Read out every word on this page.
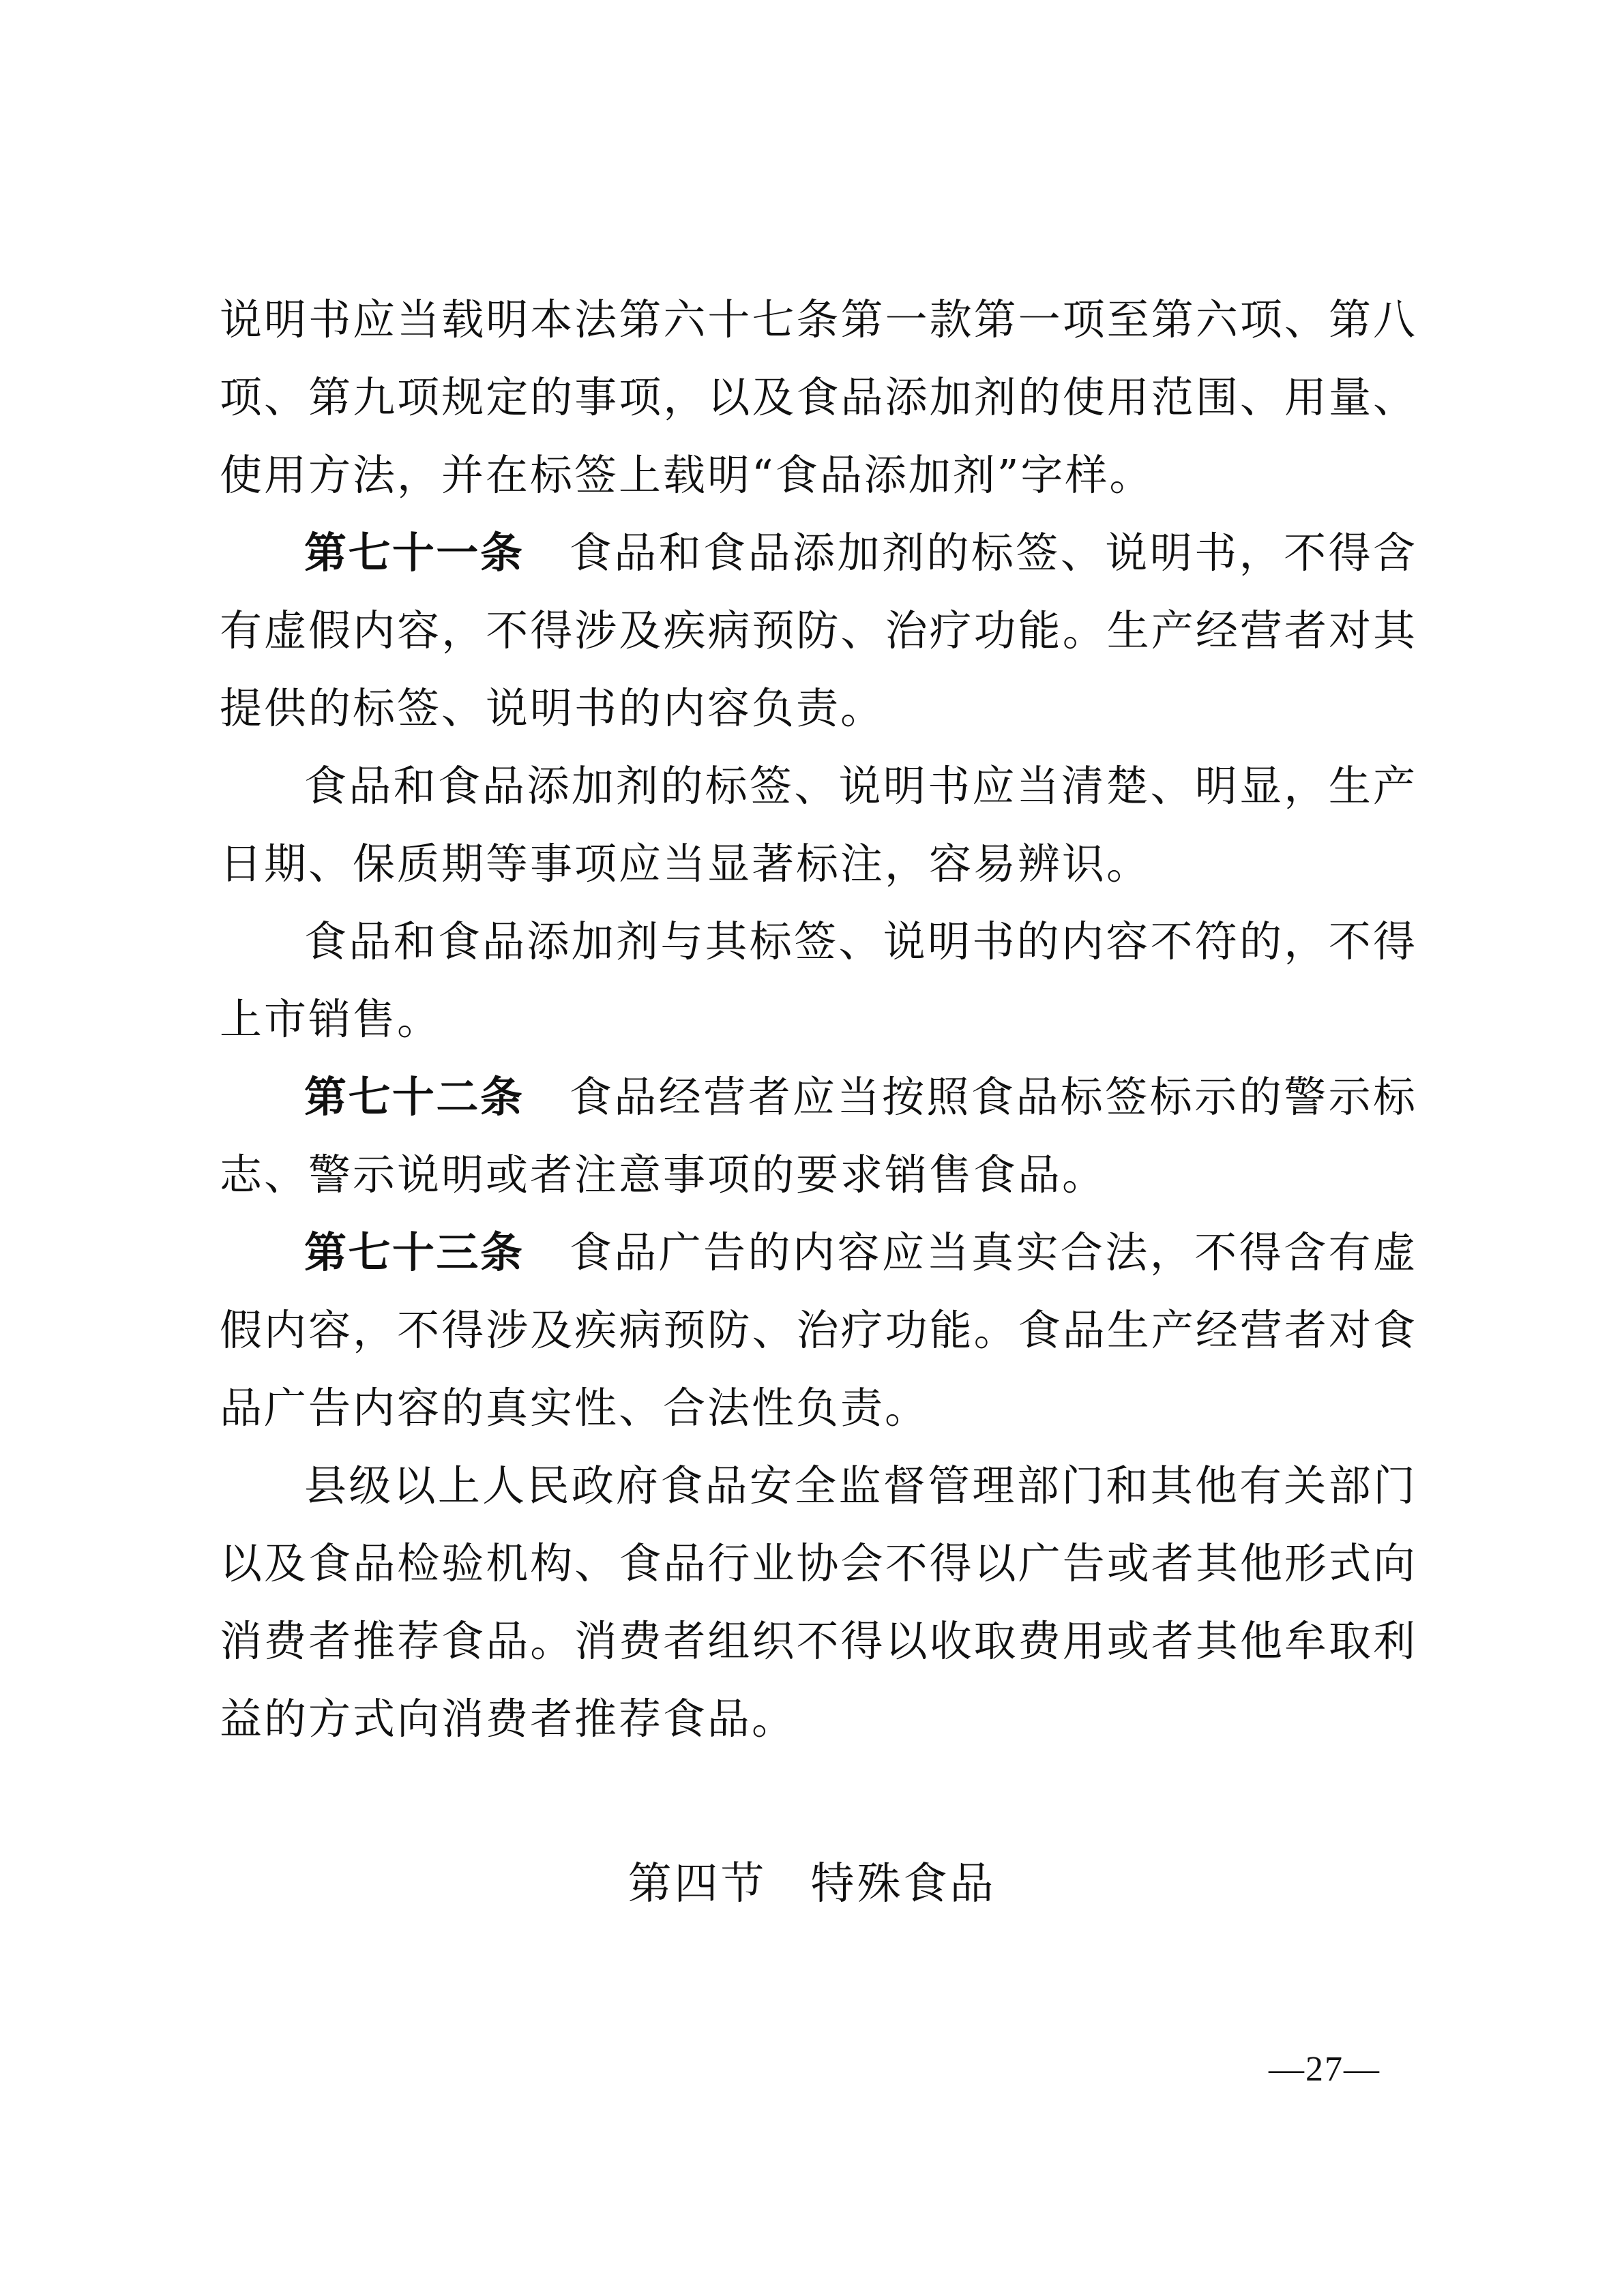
说明书应当载明本法第六十七条第一款第一项至第六项、第八项、第九项规定的事项，以及食品添加剂的使用范围、用量、使用方法，并在标签上载明“食品添加剂”字样。

第七十一条 食品和食品添加剂的标签、说明书，不得含有虚假内容，不得涉及疾病预防、治疗功能。生产经营者对其提供的标签、说明书的内容负责。

食品和食品添加剂的标签、说明书应当清楚、明显，生产日期、保质期等事项应当显著标注，容易辨识。

食品和食品添加剂与其标签、说明书的内容不符的，不得上市销售。

第七十二条 食品经营者应当按照食品标签标示的警示标志、警示说明或者注意事项的要求销售食品。

第七十三条 食品广告的内容应当真实合法，不得含有虚假内容，不得涉及疾病预防、治疗功能。食品生产经营者对食品广告内容的真实性、合法性负责。

县级以上人民政府食品安全监督管理部门和其他有关部门以及食品检验机构、食品行业协会不得以广告或者其他形式向消费者推荐食品。消费者组织不得以收取费用或者其他牟取利益的方式向消费者推荐食品。

第四节 特殊食品
—27—
